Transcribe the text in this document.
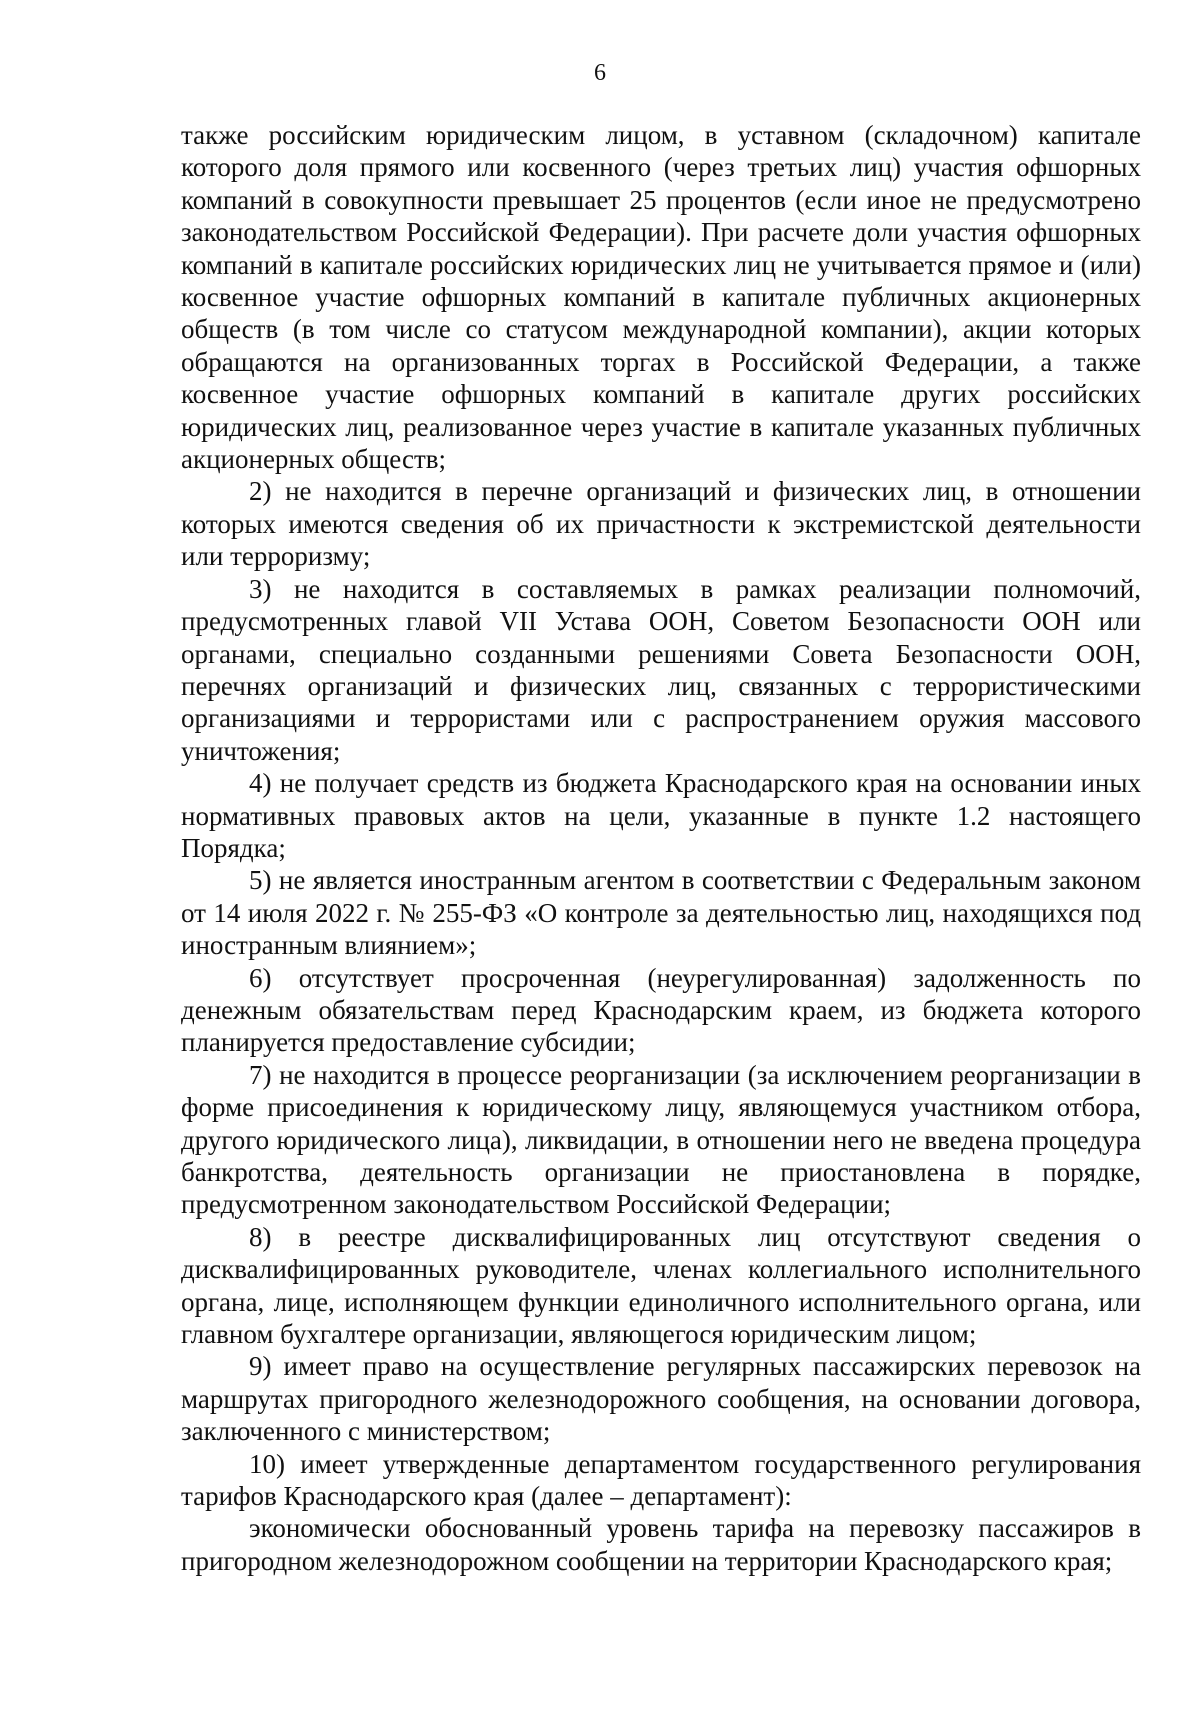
6

также российским юридическим лицом, в уставном (складочном) капитале которого доля прямого или косвенного (через третьих лиц) участия офшорных компаний в совокупности превышает 25 процентов (если иное не предусмотрено законодательством Российской Федерации). При расчете доли участия офшорных компаний в капитале российских юридических лиц не учитывается прямое и (или) косвенное участие офшорных компаний в капитале публичных акционерных обществ (в том числе со статусом международной компании), акции которых обращаются на организованных торгах в Российской Федерации, а также косвенное участие офшорных компаний в капитале других российских юридических лиц, реализованное через участие в капитале указанных публичных акционерных обществ;

2) не находится в перечне организаций и физических лиц, в отношении которых имеются сведения об их причастности к экстремистской деятельности или терроризму;

3) не находится в составляемых в рамках реализации полномочий, предусмотренных главой VII Устава ООН, Советом Безопасности ООН или органами, специально созданными решениями Совета Безопасности ООН, перечнях организаций и физических лиц, связанных с террористическими организациями и террористами или с распространением оружия массового уничтожения;

4) не получает средств из бюджета Краснодарского края на основании иных нормативных правовых актов на цели, указанные в пункте 1.2 настоящего Порядка;

5) не является иностранным агентом в соответствии с Федеральным законом от 14 июля 2022 г. № 255-ФЗ «О контроле за деятельностью лиц, находящихся под иностранным влиянием»;

6) отсутствует просроченная (неурегулированная) задолженность по денежным обязательствам перед Краснодарским краем, из бюджета которого планируется предоставление субсидии;

7) не находится в процессе реорганизации (за исключением реорганизации в форме присоединения к юридическому лицу, являющемуся участником отбора, другого юридического лица), ликвидации, в отношении него не введена процедура банкротства, деятельность организации не приостановлена в порядке, предусмотренном законодательством Российской Федерации;

8) в реестре дисквалифицированных лиц отсутствуют сведения о дисквалифицированных руководителе, членах коллегиального исполнительного органа, лице, исполняющем функции единоличного исполнительного органа, или главном бухгалтере организации, являющегося юридическим лицом;

9) имеет право на осуществление регулярных пассажирских перевозок на маршрутах пригородного железнодорожного сообщения, на основании договора, заключенного с министерством;

10) имеет утвержденные департаментом государственного регулирования тарифов Краснодарского края (далее – департамент):

экономически обоснованный уровень тарифа на перевозку пассажиров в пригородном железнодорожном сообщении на территории Краснодарского края;
